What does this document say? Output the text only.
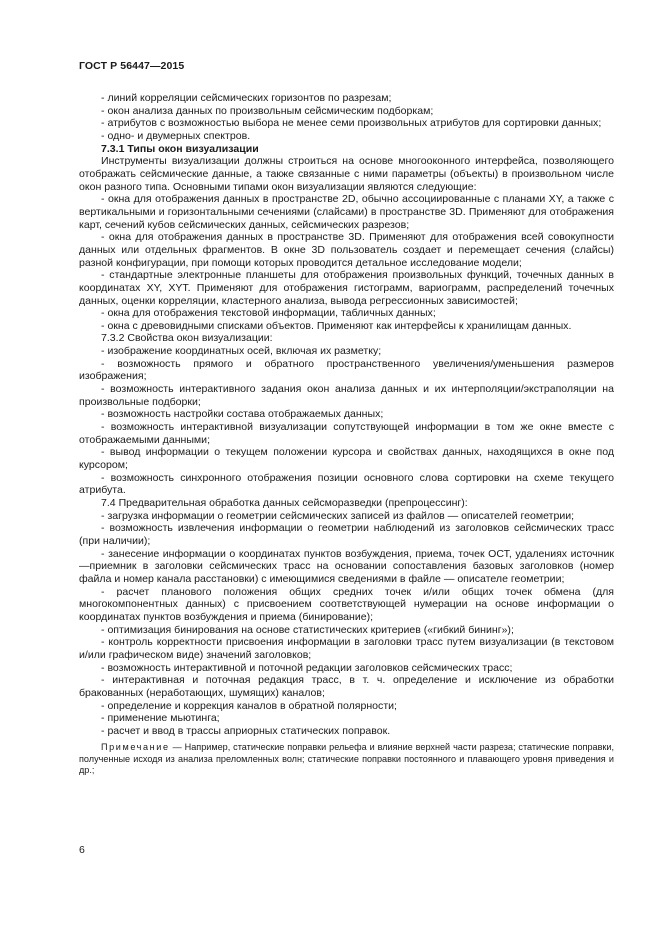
ГОСТ Р 56447—2015

- линий корреляции сейсмических горизонтов по разрезам;

- окон анализа данных по произвольным сейсмическим подборкам;

- атрибутов с возможностью выбора не менее семи произвольных атрибутов для сортировки данных;

- одно- и двумерных спектров.

7.3.1 Типы окон визуализации

Инструменты визуализации должны строиться на основе многооконного интерфейса, позволяющего отображать сейсмические данные, а также связанные с ними параметры (объекты) в произвольном числе окон разного типа. Основными типами окон визуализации являются следующие:

- окна для отображения данных в пространстве 2D, обычно ассоциированные с планами XY, а также с вертикальными и горизонтальными сечениями (слайсами) в пространстве 3D. Применяют для отображения карт, сечений кубов сейсмических данных, сейсмических разрезов;

- окна для отображения данных в пространстве 3D. Применяют для отображения всей совокупности данных или отдельных фрагментов. В окне 3D пользователь создает и перемещает сечения (слайсы) разной конфигурации, при помощи которых проводится детальное исследование модели;

- стандартные электронные планшеты для отображения произвольных функций, точечных данных в координатах XY, XYT. Применяют для отображения гистограмм, вариограмм, распределений точечных данных, оценки корреляции, кластерного анализа, вывода регрессионных зависимостей;

- окна для отображения текстовой информации, табличных данных;

- окна с древовидными списками объектов. Применяют как интерфейсы к хранилищам данных.

7.3.2 Свойства окон визуализации:

- изображение координатных осей, включая их разметку;

- возможность прямого и обратного пространственного увеличения/уменьшения размеров изображения;

- возможность интерактивного задания окон анализа данных и их интерполяции/экстраполяции на произвольные подборки;

- возможность настройки состава отображаемых данных;

- возможность интерактивной визуализации сопутствующей информации в том же окне вместе с отображаемыми данными;

- вывод информации о текущем положении курсора и свойствах данных, находящихся в окне под курсором;

- возможность синхронного отображения позиции основного слова сортировки на схеме текущего атрибута.

7.4 Предварительная обработка данных сейсморазведки (препроцессинг):

- загрузка информации о геометрии сейсмических записей из файлов — описателей геометрии;

- возможность извлечения информации о геометрии наблюдений из заголовков сейсмических трасс (при наличии);

- занесение информации о координатах пунктов возбуждения, приема, точек ОСТ, удалениях источник—приемник в заголовки сейсмических трасс на основании сопоставления базовых заголовков (номер файла и номер канала расстановки) с имеющимися сведениями в файле — описателе геометрии;

- расчет планового положения общих средних точек и/или общих точек обмена (для многокомпонентных данных) с присвоением соответствующей нумерации на основе информации о координатах пунктов возбуждения и приема (бинирование);

- оптимизация бинирования на основе статистических критериев («гибкий бининг»);

- контроль корректности присвоения информации в заголовки трасс путем визуализации (в текстовом и/или графическом виде) значений заголовков;

- возможность интерактивной и поточной редакции заголовков сейсмических трасс;

- интерактивная и поточная редакция трасс, в т. ч. определение и исключение из обработки бракованных (неработающих, шумящих) каналов;

- определение и коррекция каналов в обратной полярности;

- применение мьютинга;

- расчет и ввод в трассы априорных статических поправок.

Примечание — Например, статические поправки рельефа и влияние верхней части разреза; статические поправки, полученные исходя из анализа преломленных волн; статические поправки постоянного и плавающего уровня приведения и др.;

6
